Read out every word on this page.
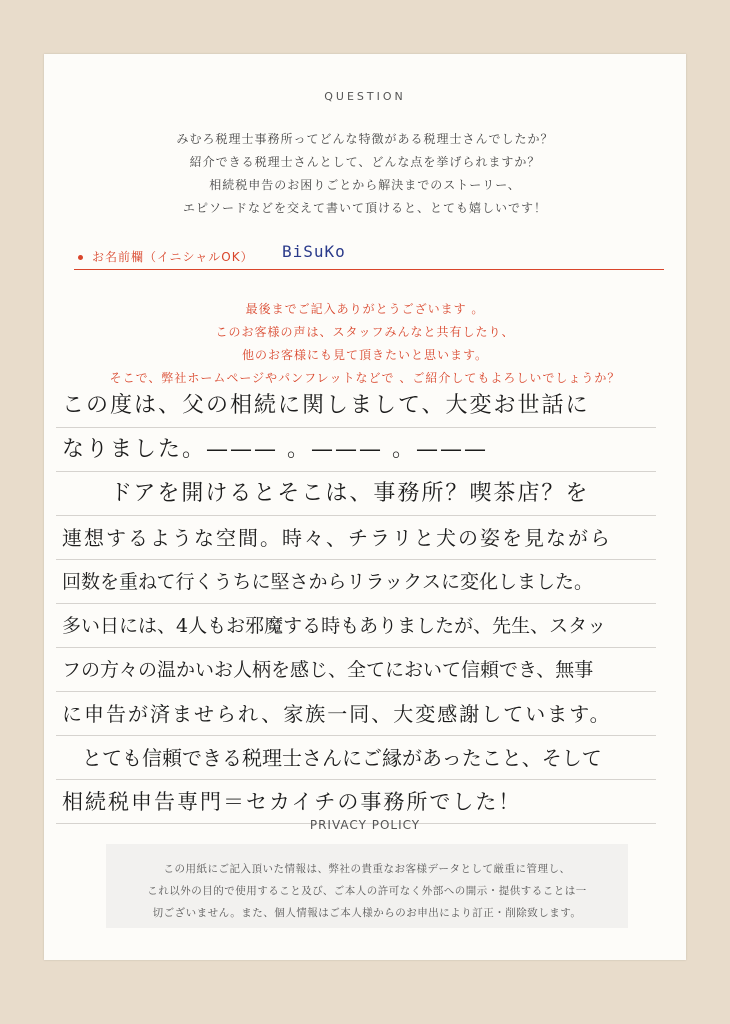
QUESTION
みむろ税理士事務所ってどんな特徴がある税理士さんでしたか？
紹介できる税理士さんとして、どんな点を挙げられますか？
相続税申告のお困りごとから解決までのストーリー、
エピソードなどを交えて書いて頂けると、とても嬉しいです！
お名前欄（イニシャルOK） BiSuKo
最後までご記入ありがとうございます 。
このお客様の声は、スタッフみんなと共有したり、
他のお客様にも見て頂きたいと思います。
そこで、弊社ホームページやパンフレットなどで 、ご紹介してもよろしいでしょうか？
この度は、父の相続に関しまして、大変お世話に
なりました。——— 。——— 。———
　　ドアを開けるとそこは、事務所？喫茶店？を
連想するような空間。時々、チラリと犬の姿を見ながら
回数を重ねて行くうちに堅さからリラックスに変化しました。
多い日には、4人もお邪魔する時もありましたが、先生、スタッ
フの方々の温かいお人柄を感じ、全てにおいて信頼でき、無事
に申告が済ませられ、家族一同、大変感謝しています。
　とても信頼できる税理士さんにご縁があったこと、そして
相続税申告専門＝セカイチの事務所でした！
PRIVACY POLICY
この用紙にご記入頂いた情報は、弊社の貴重なお客様データとして厳重に管理し、
これ以外の目的で使用すること及び、ご本人の許可なく外部への開示・提供することは一
切ございません。また、個人情報はご本人様からのお申出により訂正・削除致します。
